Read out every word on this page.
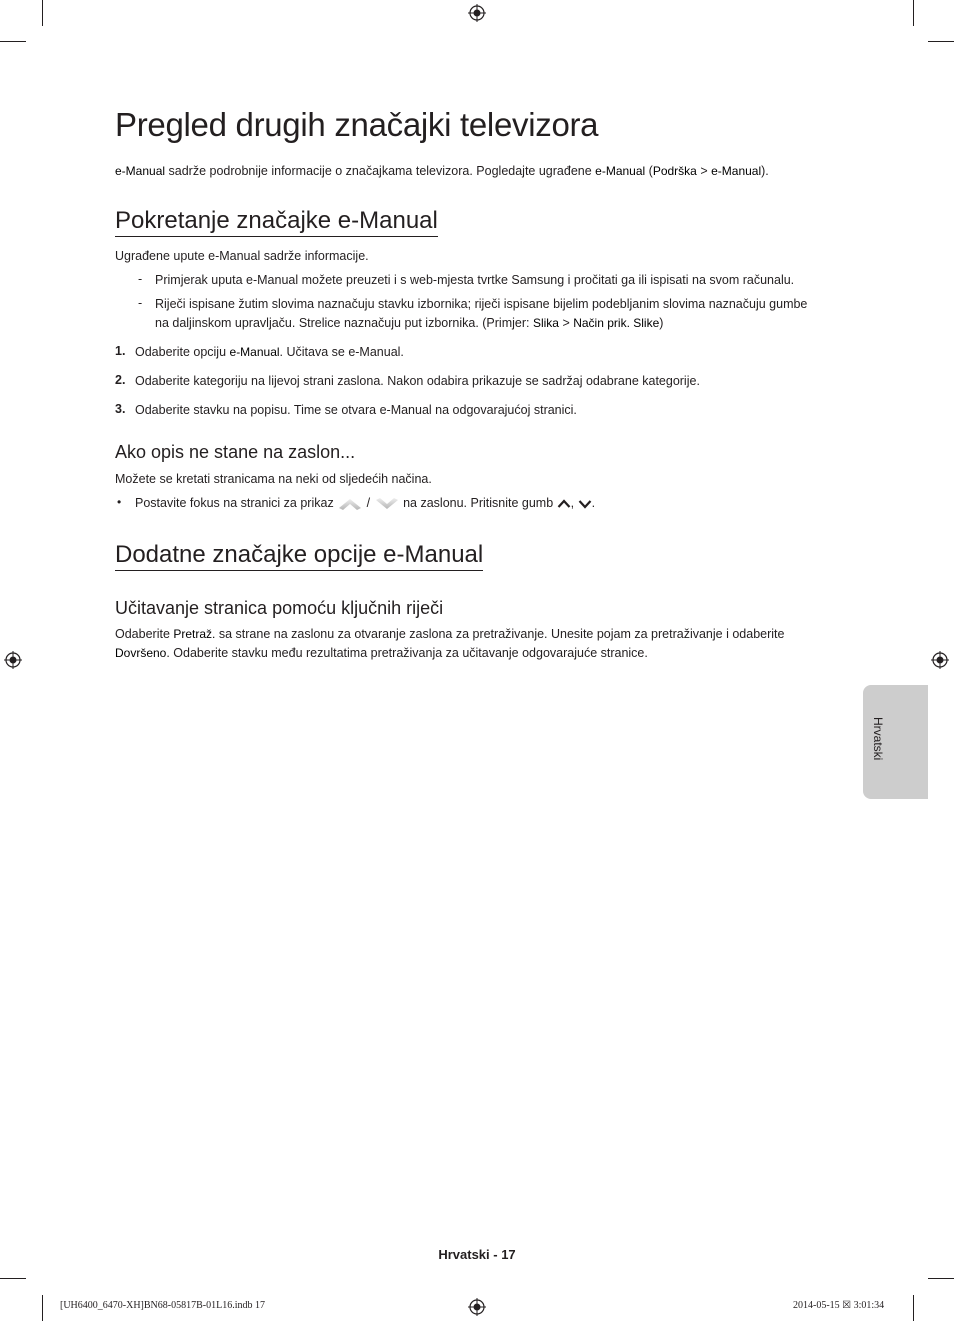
Pregled drugih značajki televizora

e-Manual sadrže podrobnije informacije o značajkama televizora. Pogledajte ugrađene e-Manual (Podrška > e-Manual).

Pokretanje značajke e-Manual

Ugrađene upute e-Manual sadrže informacije.

- Primjerak uputa e-Manual možete preuzeti i s web-mjesta tvrtke Samsung i pročitati ga ili ispisati na svom računalu.

- Riječi ispisane žutim slovima naznačuju stavku izbornika; riječi ispisane bijelim podebljanim slovima naznačuju gumbe
na daljinskom upravljaču. Strelice naznačuju put izbornika. (Primjer: Slika > Način prik. Slike)

1. Odaberite opciju e-Manual. Učitava se e-Manual.

2. Odaberite kategoriju na lijevoj strani zaslona. Nakon odabira prikazuje se sadržaj odabrane kategorije.

3. Odaberite stavku na popisu. Time se otvara e-Manual na odgovarajućoj stranici.

Ako opis ne stane na zaslon...

Možete se kretati stranicama na neki od sljedećih načina.

• Postavite fokus na stranici za prikaz  /  na zaslonu. Pritisnite gumb , .

Dodatne značajke opcije e-Manual
Učitavanje stranica pomoću ključnih riječi

Odaberite Pretraž. sa strane na zaslonu za otvaranje zaslona za pretraživanje. Unesite pojam za pretraživanje i odaberite
Dovršeno. Odaberite stavku među rezultatima pretraživanja za učitavanje odgovarajuće stranice.

Hrvatski
Hrvatski - 17
[UH6400_6470-XH]BN68-05817B-01L16.indb 17	2014-05-15 ☒ 3:01:34
